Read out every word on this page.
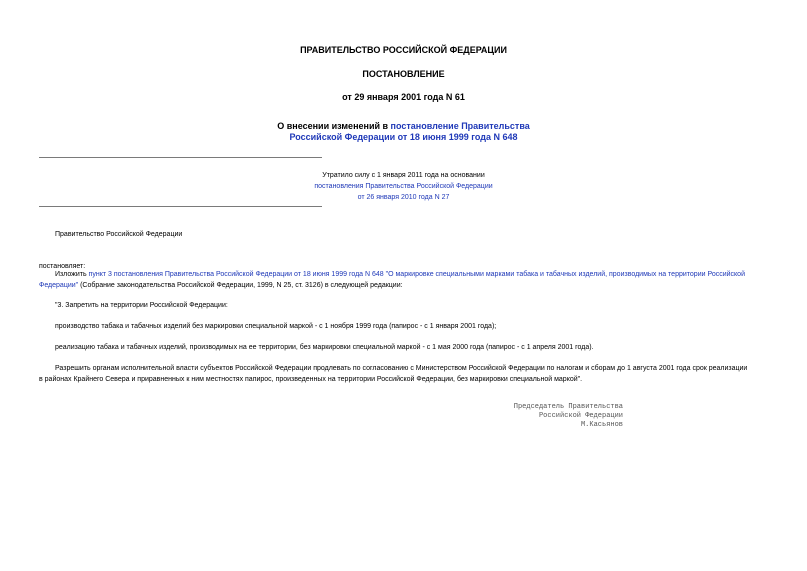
ПРАВИТЕЛЬСТВО РОССИЙСКОЙ ФЕДЕРАЦИИ
ПОСТАНОВЛЕНИЕ
от 29 января 2001 года N 61
О внесении изменений в постановление Правительства
Российской Федерации от 18 июня 1999 года N 648
Утратило силу с 1 января 2011 года на основании
постановления Правительства Российской Федерации
от 26 января 2010 года N 27
Правительство Российской Федерации
постановляет:
Изложить пункт 3 постановления Правительства Российской Федерации от 18 июня 1999 года N 648 "О маркировке специальными марками табака и табачных изделий, производимых на территории Российской
Федерации" (Собрание законодательства Российской Федерации, 1999, N 25, ст. 3126) в следующей редакции:
"3. Запретить на территории Российской Федерации:
производство табака и табачных изделий без маркировки специальной маркой - с 1 ноября 1999 года (папирос - с 1 января 2001 года);
реализацию табака и табачных изделий, производимых на ее территории, без маркировки специальной маркой - с 1 мая 2000 года (папирос - с 1 апреля 2001 года).
Разрешить органам исполнительной власти субъектов Российской Федерации продлевать по согласованию с Министерством Российской Федерации по налогам и сборам до 1 августа 2001 года срок реализации
в районах Крайнего Севера и приравненных к ним местностях папирос, произведенных на территории Российской Федерации, без маркировки специальной маркой".
Председатель Правительства
Российской Федерации
М.Касьянов
